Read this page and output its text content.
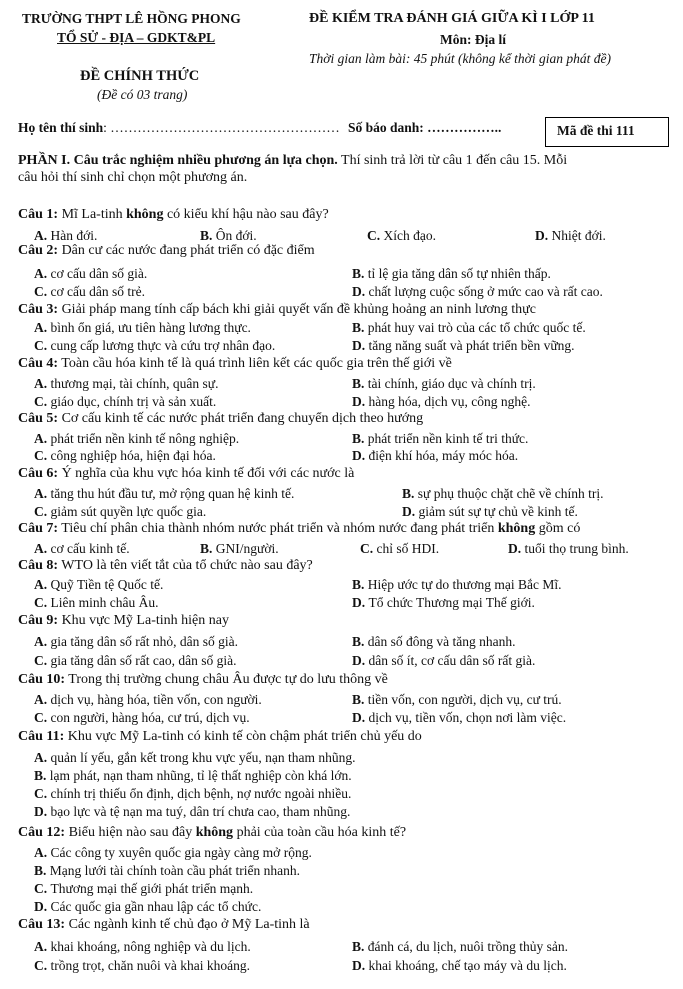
TRƯỜNG THPT LÊ HỒNG PHONG
TỔ SỬ - ĐỊA – GDKT&PL
ĐỀ KIỂM TRA ĐÁNH GIÁ GIỮA KÌ I LỚP 11
Môn: Địa lí
Thời gian làm bài: 45 phút (không kể thời gian phát đề)
ĐỀ CHÍNH THỨC
(Đề có 03 trang)
Họ tên thí sinh: …………………………………………… Số báo danh: ……………..	Mã đề thi 111
PHẦN I. Câu trắc nghiệm nhiều phương án lựa chọn. Thí sinh trả lời từ câu 1 đến câu 15. Mỗi
câu hỏi thí sinh chỉ chọn một phương án.
Câu 1: Mĩ La-tinh không có kiểu khí hậu nào sau đây?
A. Hàn đới.	B. Ôn đới.	C. Xích đạo.	D. Nhiệt đới.
Câu 2: Dân cư các nước đang phát triển có đặc điểm
A. cơ cấu dân số già.	B. tỉ lệ gia tăng dân số tự nhiên thấp.
C. cơ cấu dân số trẻ.	D. chất lượng cuộc sống ở mức cao và rất cao.
Câu 3: Giải pháp mang tính cấp bách khi giải quyết vấn đề khủng hoảng an ninh lương thực
A. bình ổn giá, ưu tiên hàng lương thực.	B. phát huy vai trò của các tổ chức quốc tế.
C. cung cấp lương thực và cứu trợ nhân đạo.	D. tăng năng suất và phát triển bền vững.
Câu 4: Toàn cầu hóa kinh tế là quá trình liên kết các quốc gia trên thế giới về
A. thương mại, tài chính, quân sự.	B. tài chính, giáo dục và chính trị.
C. giáo dục, chính trị và sản xuất.	D. hàng hóa, dịch vụ, công nghệ.
Câu 5: Cơ cấu kinh tế các nước phát triển đang chuyển dịch theo hướng
A. phát triển nền kinh tế nông nghiệp.	B. phát triển nền kinh tế tri thức.
C. công nghiệp hóa, hiện đại hóa.	D. điện khí hóa, máy móc hóa.
Câu 6: Ý nghĩa của khu vực hóa kinh tế đối với các nước là
A. tăng thu hút đầu tư, mở rộng quan hệ kinh tế.	B. sự phụ thuộc chặt chẽ về chính trị.
C. giảm sút quyền lực quốc gia.	D. giảm sút sự tự chủ về kinh tế.
Câu 7: Tiêu chí phân chia thành nhóm nước phát triển và nhóm nước đang phát triển không gồm có
A. cơ cấu kinh tế.	B. GNI/người.	C. chỉ số HDI.	D. tuổi thọ trung bình.
Câu 8: WTO là tên viết tắt của tổ chức nào sau đây?
A. Quỹ Tiền tệ Quốc tế.	B. Hiệp ước tự do thương mại Bắc Mĩ.
C. Liên minh châu Âu.	D. Tổ chức Thương mại Thế giới.
Câu 9: Khu vực Mỹ La-tinh hiện nay
A. gia tăng dân số rất nhỏ, dân số già.	B. dân số đông và tăng nhanh.
C. gia tăng dân số rất cao, dân số già.	D. dân số ít, cơ cấu dân số rất già.
Câu 10: Trong thị trường chung châu Âu được tự do lưu thông về
A. dịch vụ, hàng hóa, tiền vốn, con người.	B. tiền vốn, con người, dịch vụ, cư trú.
C. con người, hàng hóa, cư trú, dịch vụ.	D. dịch vụ, tiền vốn, chọn nơi làm việc.
Câu 11: Khu vực Mỹ La-tinh có kinh tế còn chậm phát triển chủ yếu do
A. quản lí yếu, gắn kết trong khu vực yếu, nạn tham nhũng.
B. lạm phát, nạn tham nhũng, tỉ lệ thất nghiệp còn khá lớn.
C. chính trị thiếu ổn định, dịch bệnh, nợ nước ngoài nhiều.
D. bạo lực và tệ nạn ma tuý, dân trí chưa cao, tham nhũng.
Câu 12: Biểu hiện nào sau đây không phải của toàn cầu hóa kinh tế?
A. Các công ty xuyên quốc gia ngày càng mở rộng.
B. Mạng lưới tài chính toàn cầu phát triển nhanh.
C. Thương mại thế giới phát triển mạnh.
D. Các quốc gia gần nhau lập các tổ chức.
Câu 13: Các ngành kinh tế chủ đạo ở Mỹ La-tinh là
A. khai khoáng, nông nghiệp và du lịch.	B. đánh cá, du lịch, nuôi trồng thủy sản.
C. trồng trọt, chăn nuôi và khai khoáng.	D. khai khoáng, chế tạo máy và du lịch.
